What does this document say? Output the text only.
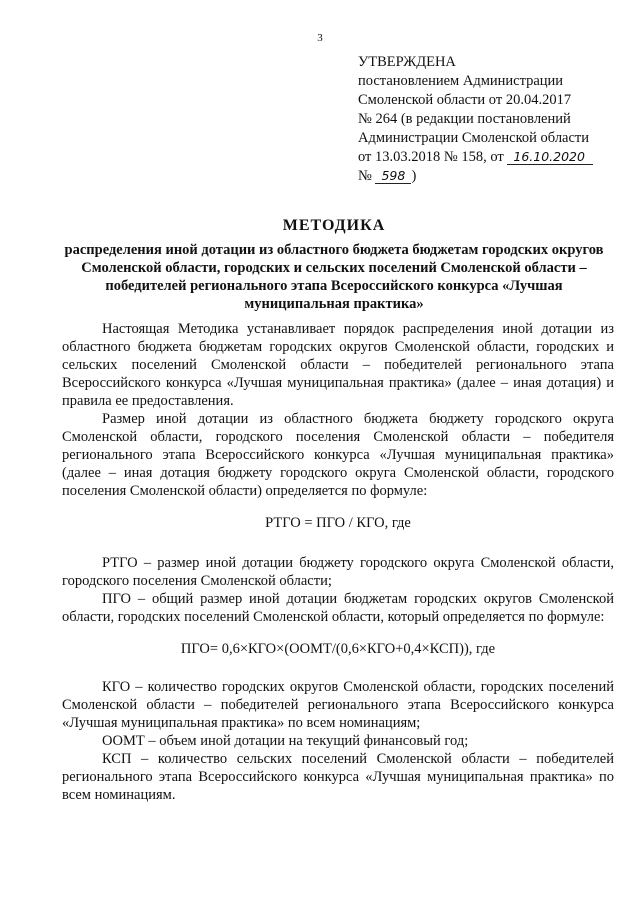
3
УТВЕРЖДЕНА
постановлением Администрации
Смоленской области от 20.04.2017
№ 264 (в редакции постановлений
Администрации Смоленской области
от 13.03.2018 № 158, от 16.10.2020
№ 598 )
МЕТОДИКА
распределения иной дотации из областного бюджета бюджетам городских округов Смоленской области, городских и сельских поселений Смоленской области – победителей регионального этапа Всероссийского конкурса «Лучшая муниципальная практика»

Настоящая Методика устанавливает порядок распределения иной дотации из областного бюджета бюджетам городских округов Смоленской области, городских и сельских поселений Смоленской области – победителей регионального этапа Всероссийского конкурса «Лучшая муниципальная практика» (далее – иная дотация) и правила ее предоставления.

Размер иной дотации из областного бюджета бюджету городского округа Смоленской области, городского поселения Смоленской области – победителя регионального этапа Всероссийского конкурса «Лучшая муниципальная практика» (далее – иная дотация бюджету городского округа Смоленской области, городского поселения Смоленской области) определяется по формуле:

РТГО = ПГО / КГО, где

РТГО – размер иной дотации бюджету городского округа Смоленской области, городского поселения Смоленской области;

ПГО – общий размер иной дотации бюджетам городских округов Смоленской области, городских поселений Смоленской области, который определяется по формуле:

ПГО= 0,6×КГО×(ООМТ/(0,6×КГО+0,4×КСП)), где

КГО – количество городских округов Смоленской области, городских поселений Смоленской области – победителей регионального этапа Всероссийского конкурса «Лучшая муниципальная практика» по всем номинациям;

ООМТ – объем иной дотации на текущий финансовый год;

КСП – количество сельских поселений Смоленской области – победителей регионального этапа Всероссийского конкурса «Лучшая муниципальная практика» по всем номинациям.
